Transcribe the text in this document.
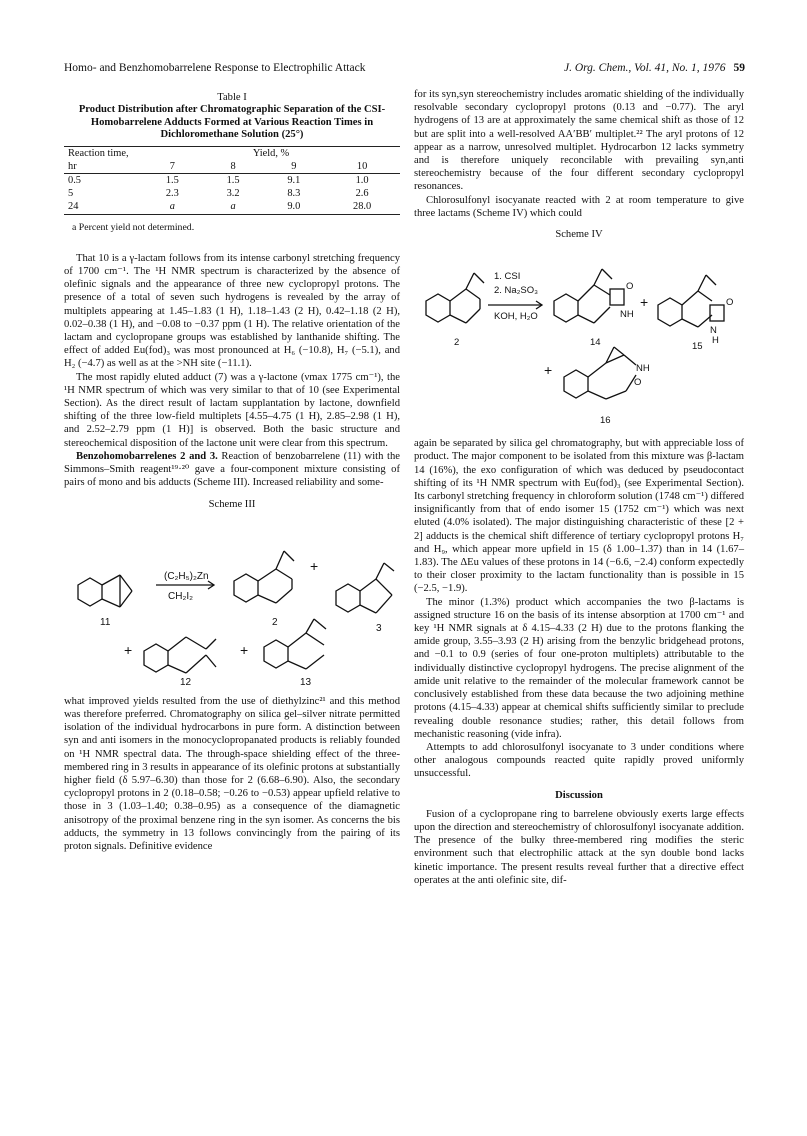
Homo- and Benzhomobarrelene Response to Electrophilic Attack	J. Org. Chem., Vol. 41, No. 1, 1976 59
Table I
Product Distribution after Chromatographic Separation of the CSI- Homobarrelene Adducts Formed at Various Reaction Times in Dichloromethane Solution (25°)
Reaction time, hr	Yield, %			
	7	8	9	10
0.5	1.5	1.5	9.1	1.0
5	2.3	3.2	8.3	2.6
24	a	a	9.0	28.0
a Percent yield not determined.

That 10 is a γ-lactam follows from its intense carbonyl stretching frequency of 1700 cm⁻¹. The ¹H NMR spectrum is characterized by the absence of olefinic signals and the appearance of three new cyclopropyl protons. The presence of a total of seven such hydrogens is revealed by the array of multiplets appearing at 1.45–1.83 (1 H), 1.18–1.43 (2 H), 0.42–1.18 (2 H), 0.02–0.38 (1 H), and −0.08 to −0.37 ppm (1 H). The relative orientation of the lactam and cyclopropane groups was established by lanthanide shifting. The effect of added Eu(fod)₃ was most pronounced at H₆ (−10.8), H₇ (−5.1), and H₂ (−4.7) as well as at the >NH site (−11.1).

The most rapidly eluted adduct (7) was a γ-lactone (νmax 1775 cm⁻¹), the ¹H NMR spectrum of which was very similar to that of 10 (see Experimental Section). As the direct result of lactam supplantation by lactone, downfield shifting of the three low-field multiplets [4.55–4.75 (1 H), 2.85–2.98 (1 H), and 2.52–2.79 ppm (1 H)] is observed. Both the basic structure and stereochemical disposition of the lactone unit were clear from this spectrum.

Benzohomobarrelenes 2 and 3. Reaction of benzobarrelene (11) with the Simmons–Smith reagent¹⁹·²⁰ gave a four-component mixture consisting of pairs of mono and bis adducts (Scheme III). Increased reliability and some-

Scheme III
(C₂H₅)₂Zn
CH₂I₂
+
+	+
11	2
3
12	13

what improved yields resulted from the use of diethylzinc²¹ and this method was therefore preferred. Chromatography on silica gel–silver nitrate permitted isolation of the individual hydrocarbons in pure form. A distinction between syn and anti isomers in the monocyclopropanated products is reliably founded on ¹H NMR spectral data. The through-space shielding effect of the three-membered ring in 3 results in appearance of its olefinic protons at substantially higher field (δ 5.97–6.30) than those for 2 (6.68–6.90). Also, the secondary cyclopropyl protons in 2 (0.18–0.58; −0.26 to −0.53) appear upfield relative to those in 3 (1.03–1.40; 0.38–0.95) as a consequence of the diamagnetic anisotropy of the proximal benzene ring in the syn isomer. As concerns the bis adducts, the symmetry in 13 follows convincingly from the pairing of its proton signals. Definitive evidence

for its syn,syn stereochemistry includes aromatic shielding of the individually resolvable secondary cyclopropyl protons (0.13 and −0.77). The aryl hydrogens of 13 are at approximately the same chemical shift as those of 12 but are split into a well-resolved AA′BB′ multiplet.²² The aryl protons of 12 appear as a narrow, unresolved multiplet. Hydrocarbon 12 lacks symmetry and is therefore uniquely reconcilable with prevailing syn,anti stereochemistry because of the four different secondary cyclopropyl resonances.

Chlorosulfonyl isocyanate reacted with 2 at room temperature to give three lactams (Scheme IV) which could

Scheme IV
1. CSI
2. Na₂SO₃
KOH, H₂O
O
NH
O
N
H
NH
O
+
+
2	14	15
16

again be separated by silica gel chromatography, but with appreciable loss of product. The major component to be isolated from this mixture was β-lactam 14 (16%), the exo configuration of which was deduced by pseudocontact shifting of its ¹H NMR spectrum with Eu(fod)₃ (see Experimental Section). Its carbonyl stretching frequency in chloroform solution (1748 cm⁻¹) differed insignificantly from that of endo isomer 15 (1752 cm⁻¹) which was next eluted (4.0% isolated). The major distinguishing characteristic of these [2 + 2] adducts is the chemical shift difference of tertiary cyclopropyl protons H₇ and H₉, which appear more upfield in 15 (δ 1.00–1.37) than in 14 (1.67–1.83). The ΔEu values of these protons in 14 (−6.6, −2.4) conform expectedly to their closer proximity to the lactam functionality than is possible in 15 (−2.5, −1.9).

The minor (1.3%) product which accompanies the two β-lactams is assigned structure 16 on the basis of its intense absorption at 1700 cm⁻¹ and key ¹H NMR signals at δ 4.15–4.33 (2 H) due to the protons flanking the amide group, 3.55–3.93 (2 H) arising from the benzylic bridgehead protons, and −0.1 to 0.9 (series of four one-proton multiplets) attributable to the individually distinctive cyclopropyl hydrogens. The precise alignment of the amide unit relative to the remainder of the molecular framework cannot be conclusively established from these data because the two adjoining methine protons (4.15–4.33) appear at chemical shifts sufficiently similar to preclude revealing double resonance studies; rather, this detail follows from mechanistic reasoning (vide infra).

Attempts to add chlorosulfonyl isocyanate to 3 under conditions where other analogous compounds reacted quite rapidly proved uniformly unsuccessful.

Discussion

Fusion of a cyclopropane ring to barrelene obviously exerts large effects upon the direction and stereochemistry of chlorosulfonyl isocyanate addition. The presence of the bulky three-membered ring modifies the steric environment such that electrophilic attack at the syn double bond lacks kinetic importance. The present results reveal further that a directive effect operates at the anti olefinic site, dif-
